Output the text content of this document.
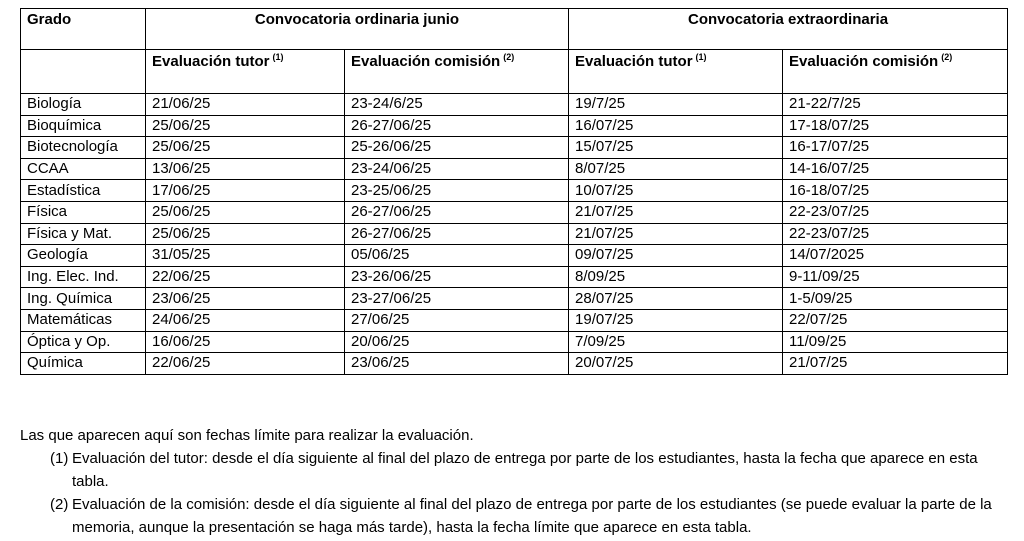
Grado	Convocatoria ordinaria junio		Convocatoria extraordinaria	
	Evaluación tutor $^{(1)}$	Evaluación comisión $^{(2)}$	Evaluación tutor $^{(1)}$	Evaluación comisión $^{(2)}$
Biología	21/06/25	23-24/6/25	19/7/25	21-22/7/25
Bioquímica	25/06/25	26-27/06/25	16/07/25	17-18/07/25
Biotecnología	25/06/25	25-26/06/25	15/07/25	16-17/07/25
CCAA	13/06/25	23-24/06/25	8/07/25	14-16/07/25
Estadística	17/06/25	23-25/06/25	10/07/25	16-18/07/25
Física	25/06/25	26-27/06/25	21/07/25	22-23/07/25
Física y Mat.	25/06/25	26-27/06/25	21/07/25	22-23/07/25
Geología	31/05/25	05/06/25	09/07/25	14/07/2025
Ing. Elec. Ind.	22/06/25	23-26/06/25	8/09/25	9-11/09/25
Ing. Química	23/06/25	23-27/06/25	28/07/25	1-5/09/25
Matemáticas	24/06/25	27/06/25	19/07/25	22/07/25
Óptica y Op.	16/06/25	20/06/25	7/09/25	11/09/25
Química	22/06/25	23/06/25	20/07/25	21/07/25
Las que aparecen aquí son fechas límite para realizar la evaluación.
(1) Evaluación del tutor: desde el día siguiente al final del plazo de entrega por parte de los estudiantes, hasta la fecha que aparece en esta tabla.
(2) Evaluación de la comisión: desde el día siguiente al final del plazo de entrega por parte de los estudiantes (se puede evaluar la parte de la memoria, aunque la presentación se haga más tarde), hasta la fecha límite que aparece en esta tabla.
